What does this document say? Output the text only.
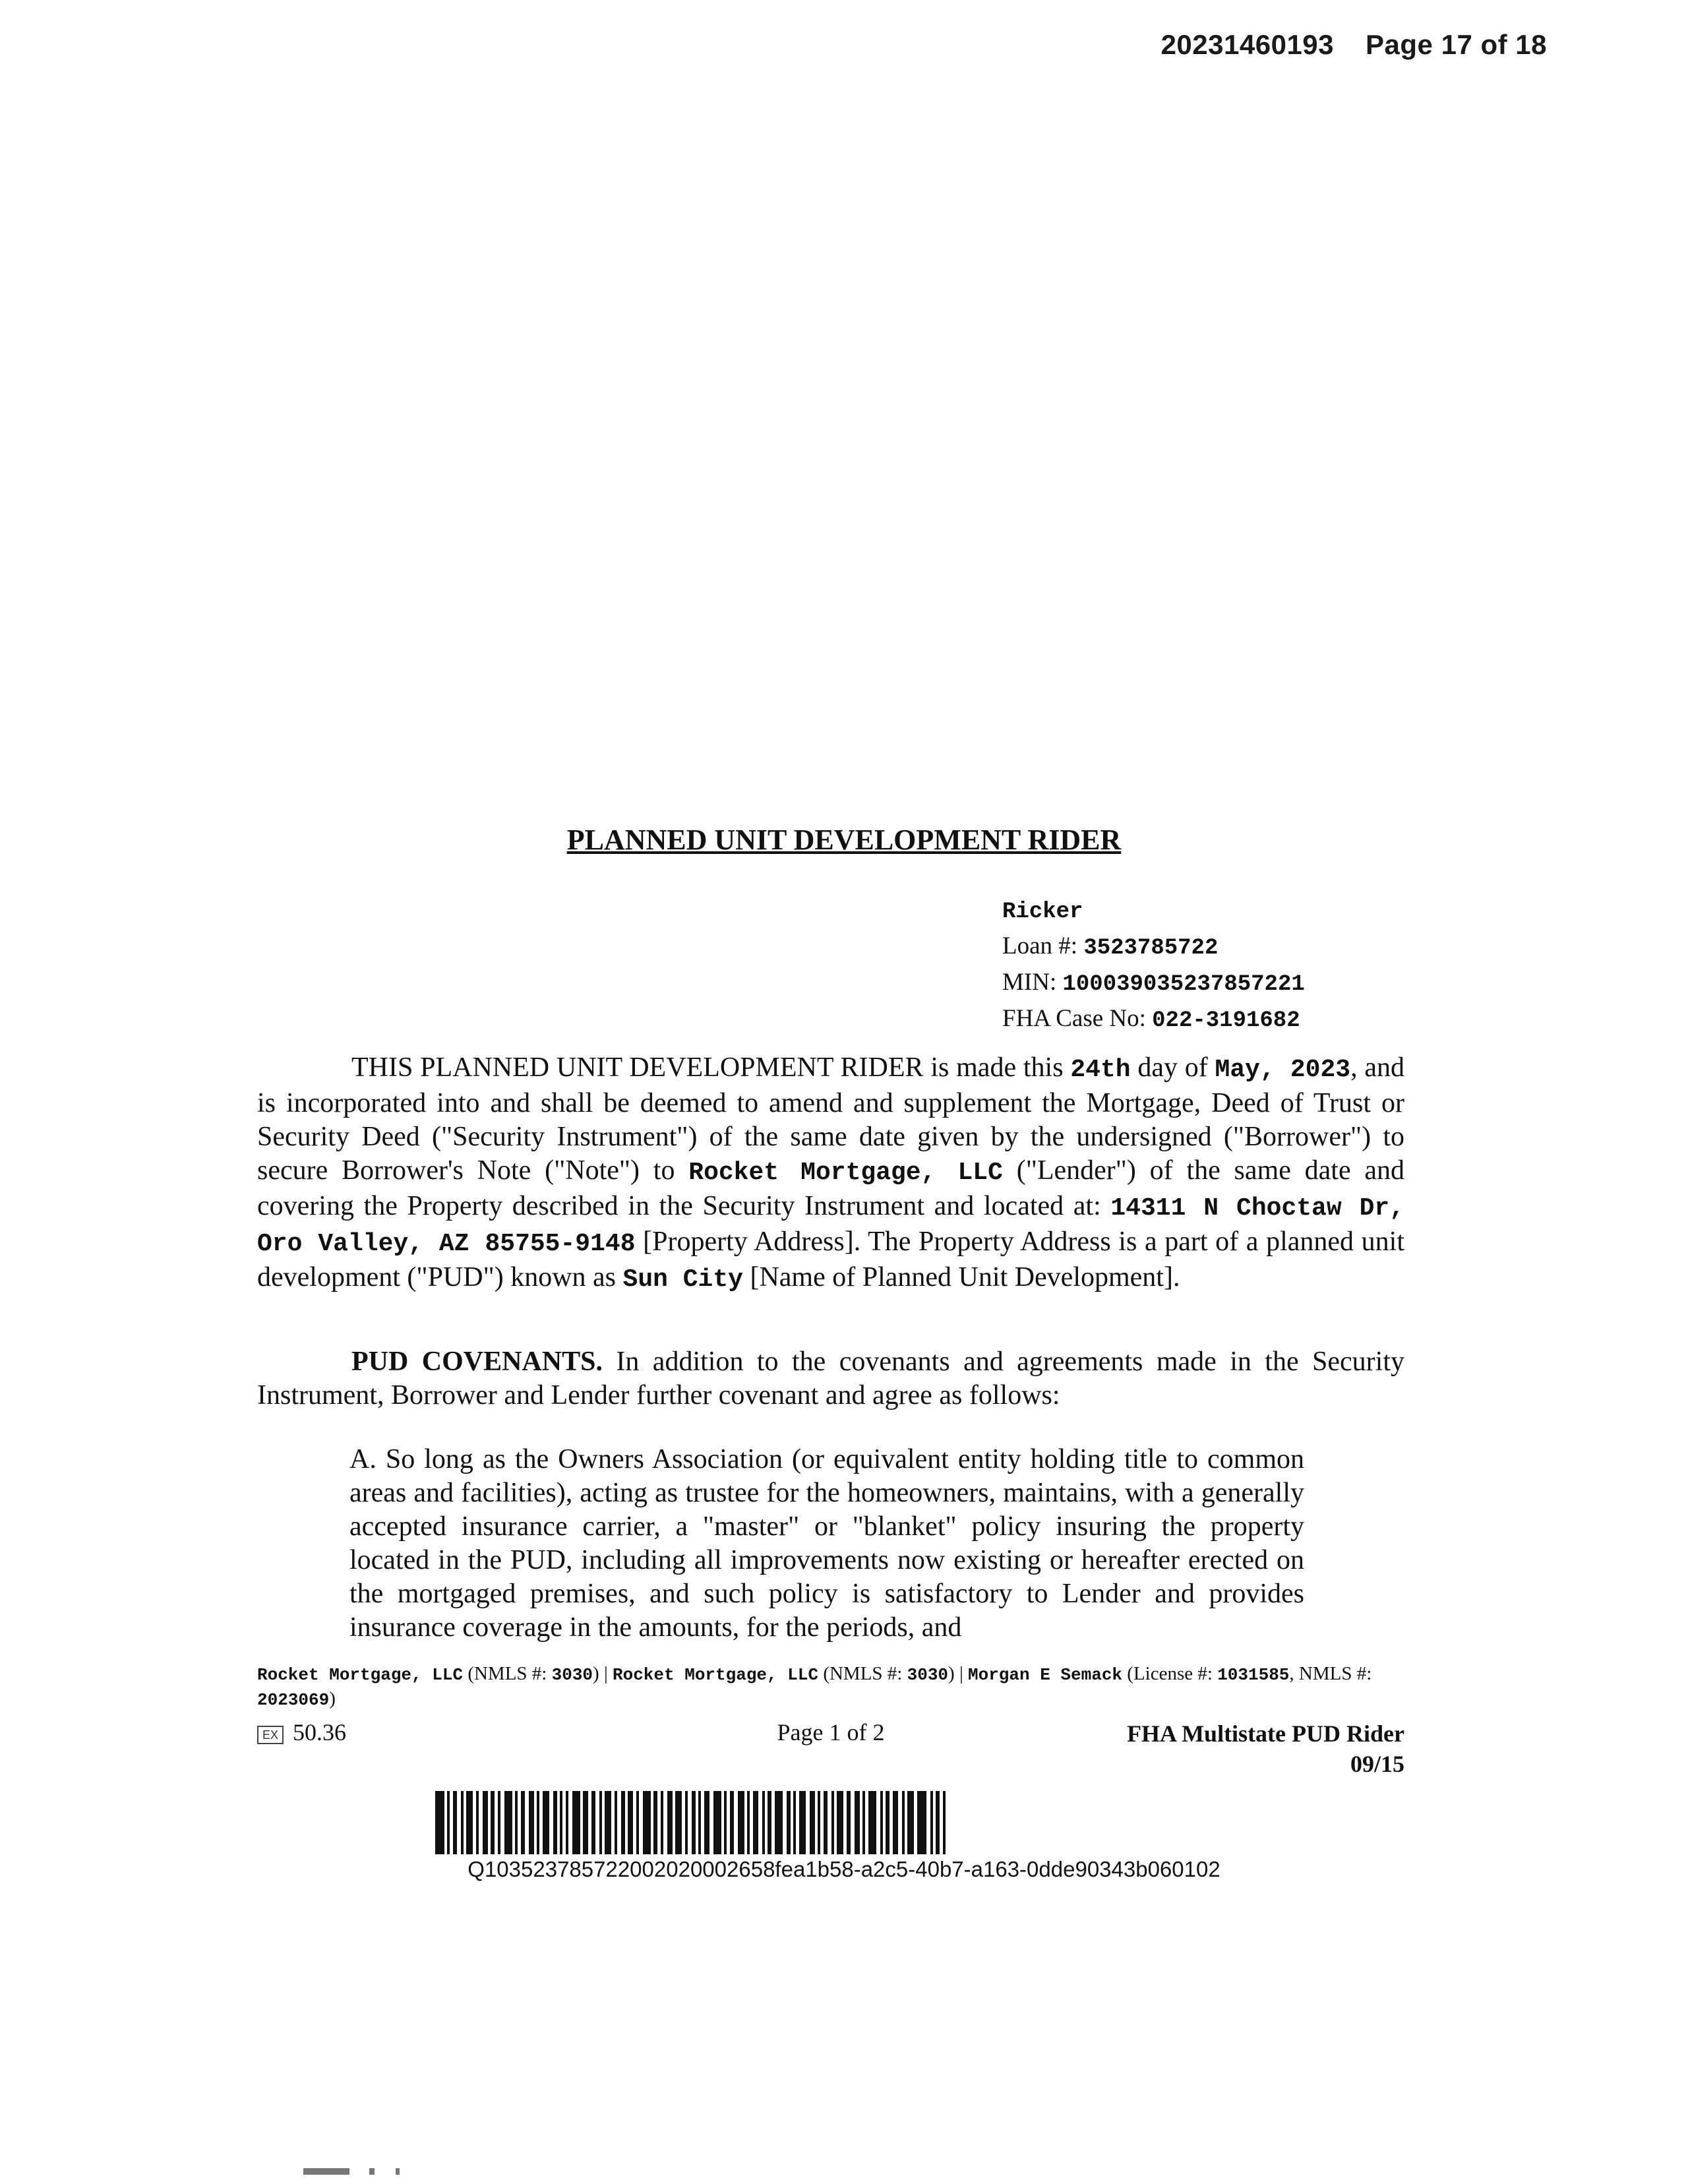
20231460193 Page 17 of 18
PLANNED UNIT DEVELOPMENT RIDER
Ricker
Loan #: 3523785722
MIN: 100039035237857221
FHA Case No: 022-3191682
THIS PLANNED UNIT DEVELOPMENT RIDER is made this 24th day of May, 2023, and is incorporated into and shall be deemed to amend and supplement the Mortgage, Deed of Trust or Security Deed ("Security Instrument") of the same date given by the undersigned ("Borrower") to secure Borrower's Note ("Note") to Rocket Mortgage, LLC ("Lender") of the same date and covering the Property described in the Security Instrument and located at: 14311 N Choctaw Dr, Oro Valley, AZ 85755-9148 [Property Address]. The Property Address is a part of a planned unit development ("PUD") known as Sun City [Name of Planned Unit Development].
PUD COVENANTS. In addition to the covenants and agreements made in the Security Instrument, Borrower and Lender further covenant and agree as follows:
A. So long as the Owners Association (or equivalent entity holding title to common areas and facilities), acting as trustee for the homeowners, maintains, with a generally accepted insurance carrier, a "master" or "blanket" policy insuring the property located in the PUD, including all improvements now existing or hereafter erected on the mortgaged premises, and such policy is satisfactory to Lender and provides insurance coverage in the amounts, for the periods, and
Rocket Mortgage, LLC (NMLS #: 3030) | Rocket Mortgage, LLC (NMLS #: 3030) | Morgan E Semack (License #: 1031585, NMLS #: 2023069)
EX 50.36	Page 1 of 2	FHA Multistate PUD Rider
09/15
Q103523785722002020002658fea1b58-a2c5-40b7-a163-0dde90343b060102
